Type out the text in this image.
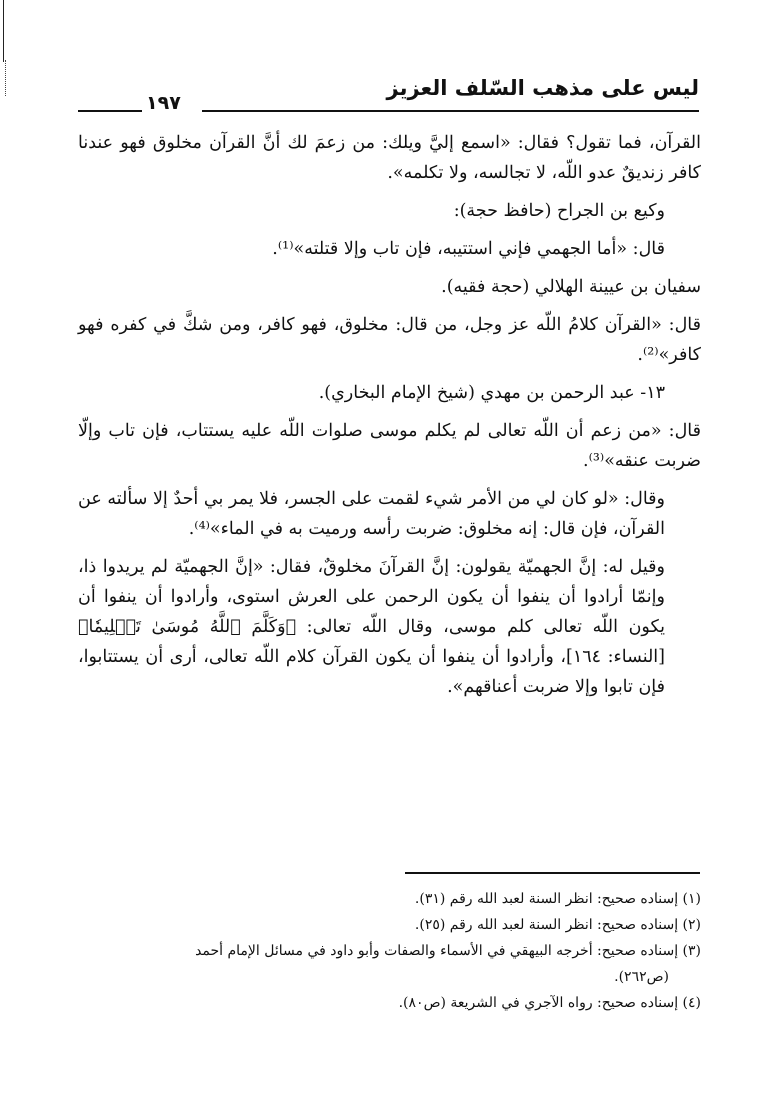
ليس على مذهب السّلف العزيز
١٩٧

القرآن، فما تقول؟ فقال: «اسمع إليَّ ويلك: من زعمَ لك أنَّ القرآن مخلوق فهو عندنا كافر زنديقٌ عدو اللّه، لا تجالسه، ولا تكلمه».

وكيع بن الجراح (حافظ حجة):

قال: «أما الجهمي فإني استتيبه، فإن تاب وإلا قتلته»⁽¹⁾.

سفيان بن عيينة الهلالي (حجة فقيه).

قال: «القرآن كلامُ اللّه عز وجل، من قال: مخلوق، فهو كافر، ومن شكَّ في كفره فهو كافر»⁽²⁾.

١٣- عبد الرحمن بن مهدي (شيخ الإمام البخاري).

قال: «من زعم أن اللّه تعالى لم يكلم موسى صلوات اللّه عليه يستتاب، فإن تاب وإلّا ضربت عنقه»⁽³⁾.

وقال: «لو كان لي من الأمر شيء لقمت على الجسر، فلا يمر بي أحدٌ إلا سألته عن القرآن، فإن قال: إنه مخلوق: ضربت رأسه ورميت به في الماء»⁽⁴⁾.

وقيل له: إنَّ الجهميّة يقولون: إنَّ القرآنَ مخلوقٌ، فقال: «إنَّ الجهميّة لم يريدوا ذا، وإنمّا أرادوا أن ينفوا أن يكون الرحمن على العرش استوى، وأرادوا أن ينفوا أن يكون اللّه تعالى كلم موسى، وقال اللّه تعالى: ﴿وَكَلَّمَ ٱللَّهُ مُوسَىٰ تَكۡلِيمٗا﴾ [النساء: ١٦٤]، وأرادوا أن ينفوا أن يكون القرآن كلام اللّه تعالى، أرى أن يستتابوا، فإن تابوا وإلا ضربت أعناقهم».

(١) إسناده صحيح: انظر السنة لعبد الله رقم (٣١).

(٢) إسناده صحيح: انظر السنة لعبد الله رقم (٢٥).

(٣) إسناده صحيح: أخرجه البيهقي في الأسماء والصفات وأبو داود في مسائل الإمام أحمد

(ص٢٦٢).

(٤) إسناده صحيح: رواه الآجري في الشريعة (ص٨٠).
